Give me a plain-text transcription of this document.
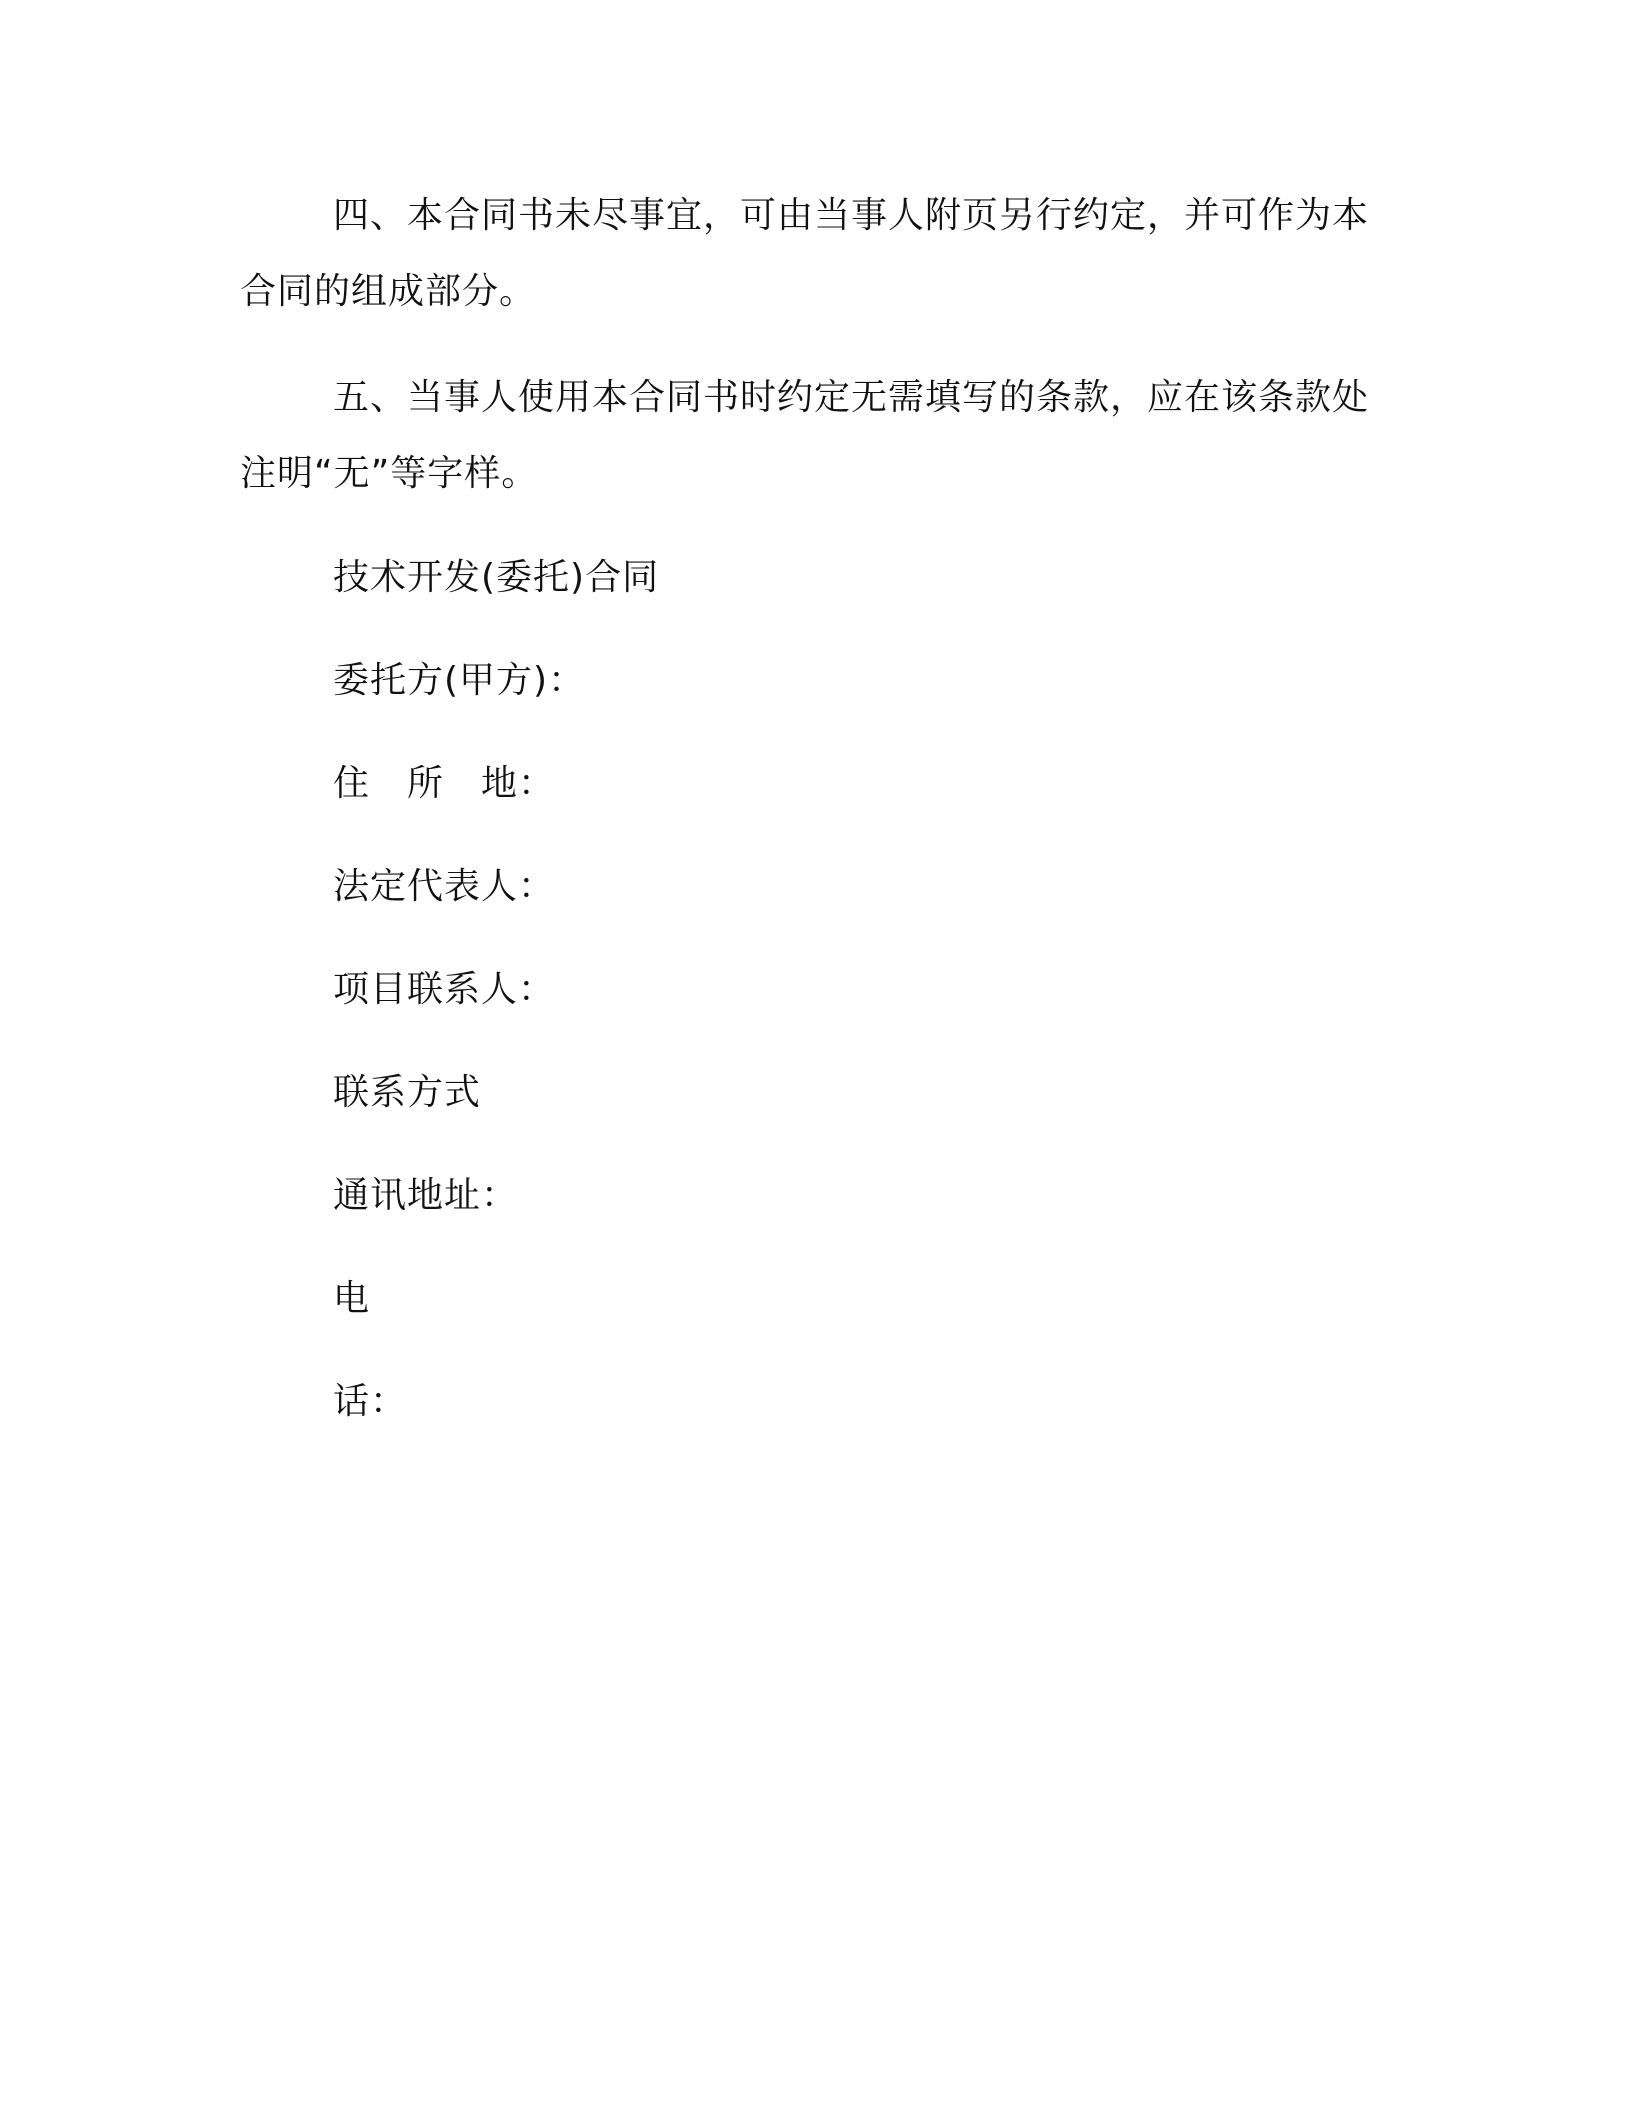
四、本合同书未尽事宜，可由当事人附页另行约定，并可作为本合同的组成部分。

五、当事人使用本合同书时约定无需填写的条款，应在该条款处注明“无”等字样。

技术开发(委托)合同

委托方(甲方)：

住　所　地：

法定代表人：

项目联系人：

联系方式

通讯地址：

电

话：
